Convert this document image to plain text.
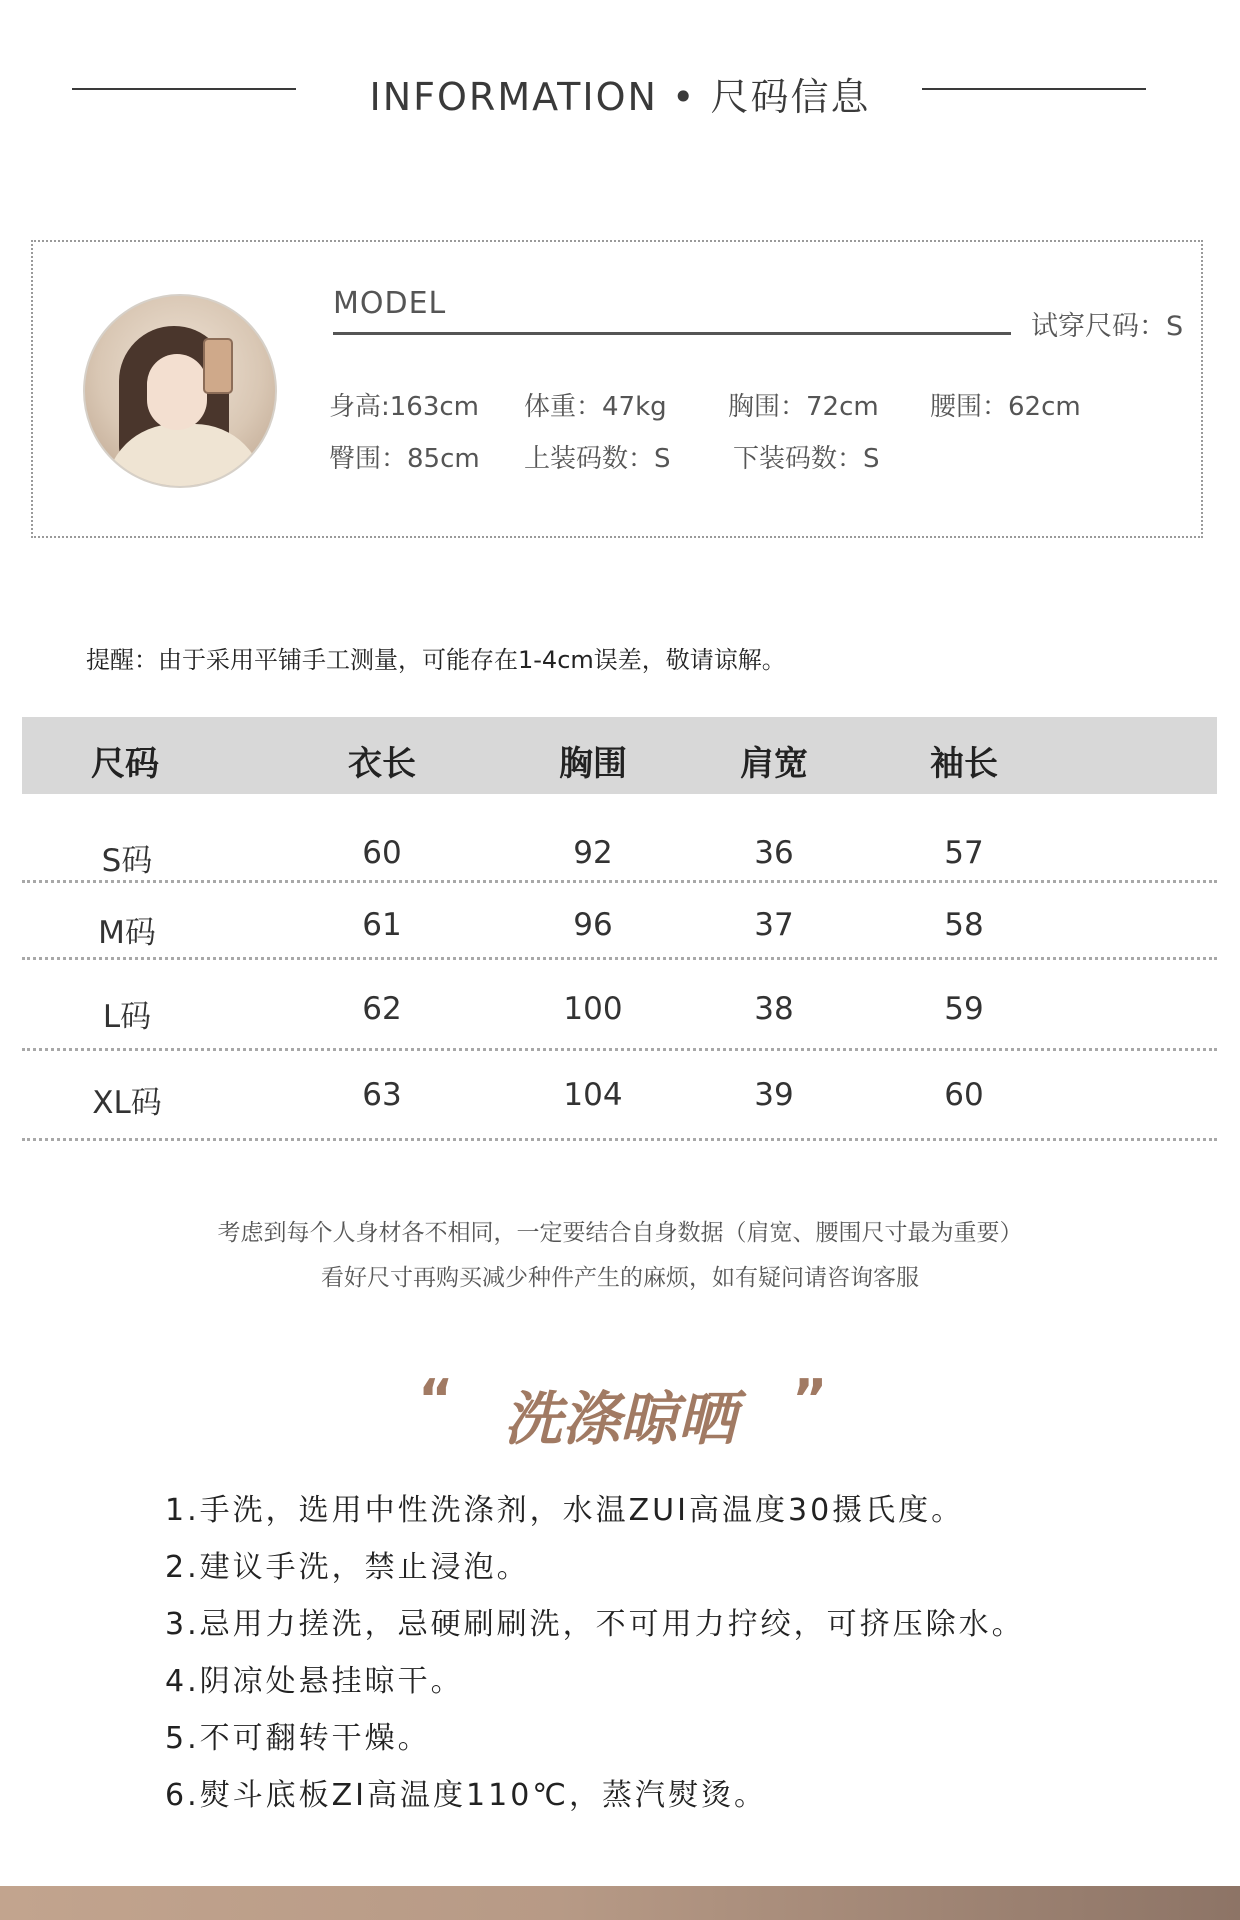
INFORMATION • 尺码信息
MODEL
试穿尺码：S
身高:163cm 体重：47kg 胸围：72cm 腰围：62cm
臀围：85cm 上装码数：S 下装码数：S
提醒：由于采用平铺手工测量，可能存在1-4cm误差，敬请谅解。
尺码	衣长	胸围	肩宽	袖长
S码	60	92	36	57
M码	61	96	37	58
L码	62	100	38	59
XL码	63	104	39	60
考虑到每个人身材各不相同，一定要结合自身数据（肩宽、腰围尺寸最为重要）
看好尺寸再购买减少种件产生的麻烦，如有疑问请咨询客服
“ 洗涤晾晒	”
1.手洗，选用中性洗涤剂，水温ZUI高温度30摄氏度。
2.建议手洗，禁止浸泡。
3.忌用力搓洗，忌硬刷刷洗，不可用力拧绞，可挤压除水。
4.阴凉处悬挂晾干。
5.不可翻转干燥。
6.熨斗底板ZI高温度110℃，蒸汽熨烫。
